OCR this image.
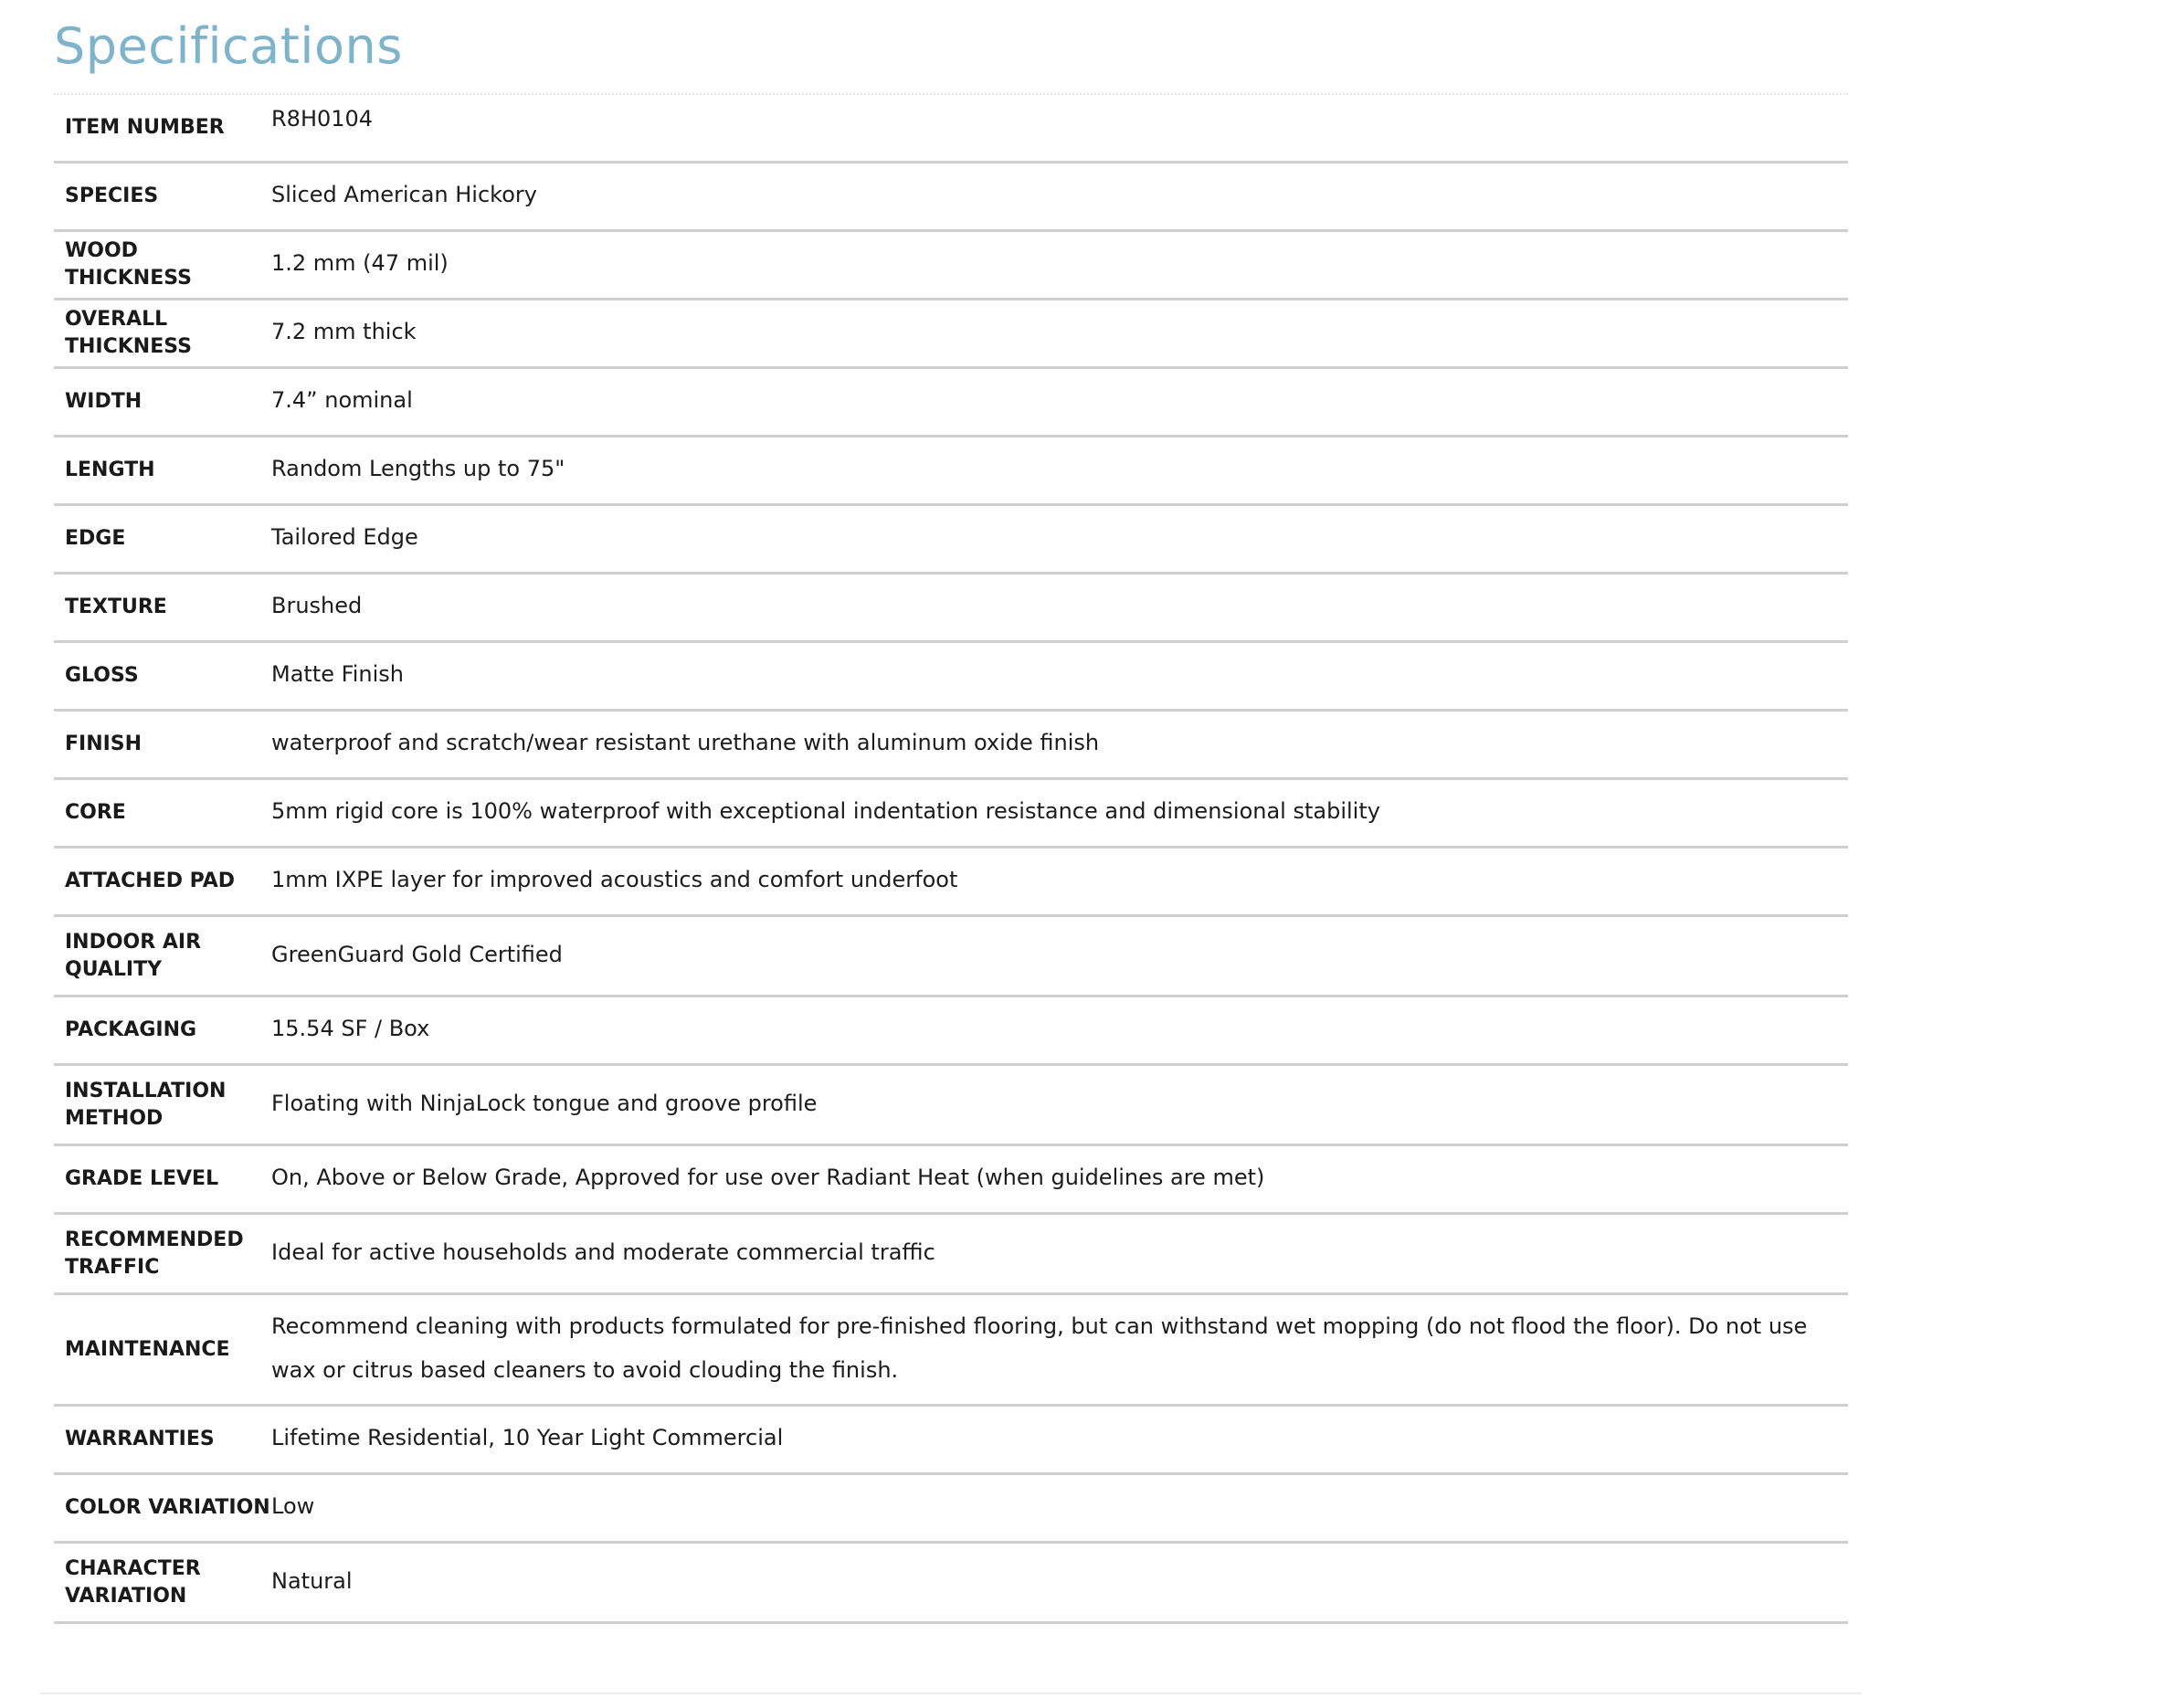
Specifications
ITEM NUMBER	R8H0104

SPECIES	Sliced American Hickory

WOOD THICKNESS	1.2 mm (47 mil)

OVERALL THICKNESS	7.2 mm thick

WIDTH	7.4” nominal

LENGTH	Random Lengths up to 75"

EDGE	Tailored Edge

TEXTURE	Brushed

GLOSS	Matte Finish

FINISH	waterproof and scratch/wear resistant urethane with aluminum oxide finish

CORE	5mm rigid core is 100% waterproof with exceptional indentation resistance and dimensional stability

ATTACHED PAD	1mm IXPE layer for improved acoustics and comfort underfoot

INDOOR AIR QUALITY	GreenGuard Gold Certified

PACKAGING	15.54 SF / Box

INSTALLATION METHOD	Floating with NinjaLock tongue and groove profile

GRADE LEVEL	On, Above or Below Grade, Approved for use over Radiant Heat (when guidelines are met)

RECOMMENDED TRAFFIC	Ideal for active households and moderate commercial traffic

MAINTENANCE	Recommend cleaning with products formulated for pre-finished flooring, but can withstand wet mopping (do not flood the floor). Do not use wax or citrus based cleaners to avoid clouding the finish.

WARRANTIES	Lifetime Residential, 10 Year Light Commercial

COLOR VARIATION	Low

CHARACTER VARIATION	Natural
